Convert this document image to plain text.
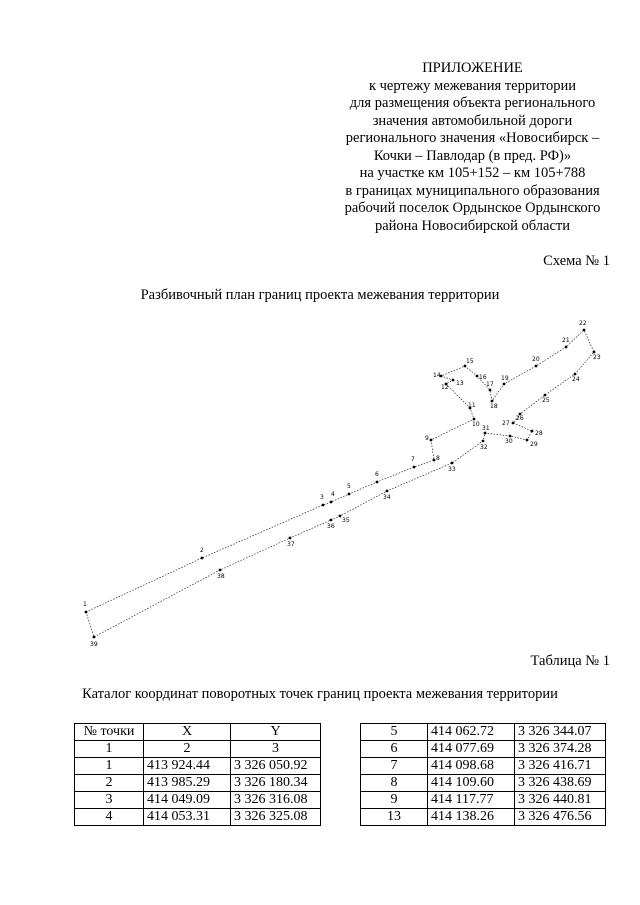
ПРИЛОЖЕНИЕ
к чертежу межевания территории
для размещения объекта регионального
значения автомобильной дороги
регионального значения «Новосибирск –
Кочки – Павлодар (в пред. РФ)»
на участке км 105+152 – км 105+788
в границах муниципального образования
рабочий поселок Ордынское Ордынского
района Новосибирской области
Схема № 1
Разбивочный план границ проекта межевания территории
1
2
3 4
5
6
7	8
9
10
11
12
13
14
15
16
17
18
19
20
21
22
23
24
25
26
27
28
29
30
31
32
33
34
35
36
37
38
39
Таблица № 1
Каталог координат поворотных точек границ проекта межевания территории
№ точки	X	Y
1	2	3
1	413 924.44	3 326 050.92
2	413 985.29	3 326 180.34
3	414 049.09	3 326 316.08
4	414 053.31	3 326 325.08
5	414 062.72	3 326 344.07
6	414 077.69	3 326 374.28
7	414 098.68	3 326 416.71
8	414 109.60	3 326 438.69
9	414 117.77	3 326 440.81
13	414 138.26	3 326 476.56
